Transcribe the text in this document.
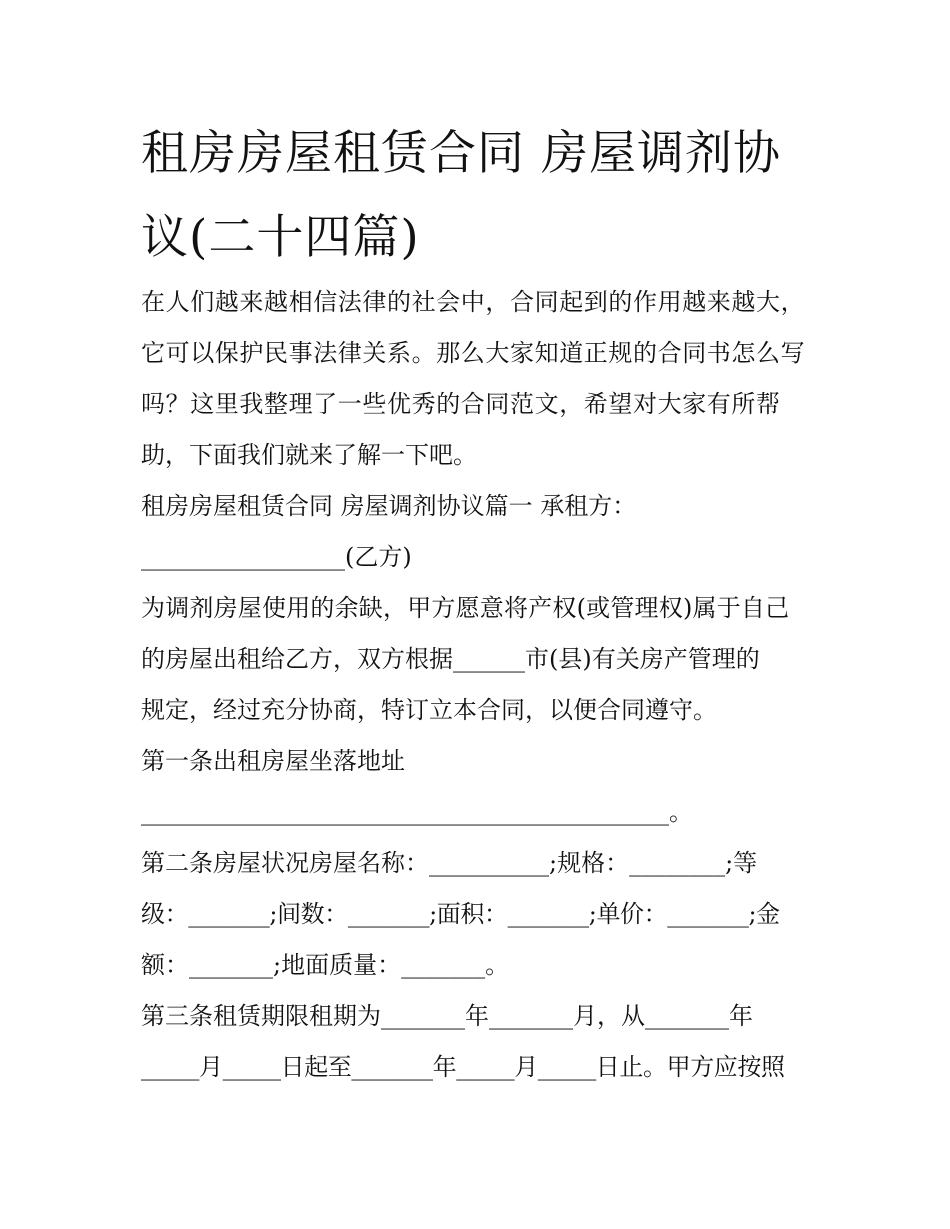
租房房屋租赁合同 房屋调剂协
议(二十四篇)

在人们越来越相信法律的社会中，合同起到的作用越来越大，

它可以保护民事法律关系。那么大家知道正规的合同书怎么写

吗？这里我整理了一些优秀的合同范文，希望对大家有所帮

助，下面我们就来了解一下吧。

租房房屋租赁合同 房屋调剂协议篇一 承租方：

_________________(乙方)

为调剂房屋使用的余缺，甲方愿意将产权(或管理权)属于自己

的房屋出租给乙方，双方根据______市(县)有关房产管理的

规定，经过充分协商，特订立本合同，以便合同遵守。

第一条出租房屋坐落地址

____________________________________________。

第二条房屋状况房屋名称：__________;规格：________;等

级：_______;间数：_______;面积：_______;单价：_______;金

额：_______;地面质量：_______。

第三条租赁期限租期为_______年_______月，从_______年

_____月_____日起至_______年_____月_____日止。甲方应按照
